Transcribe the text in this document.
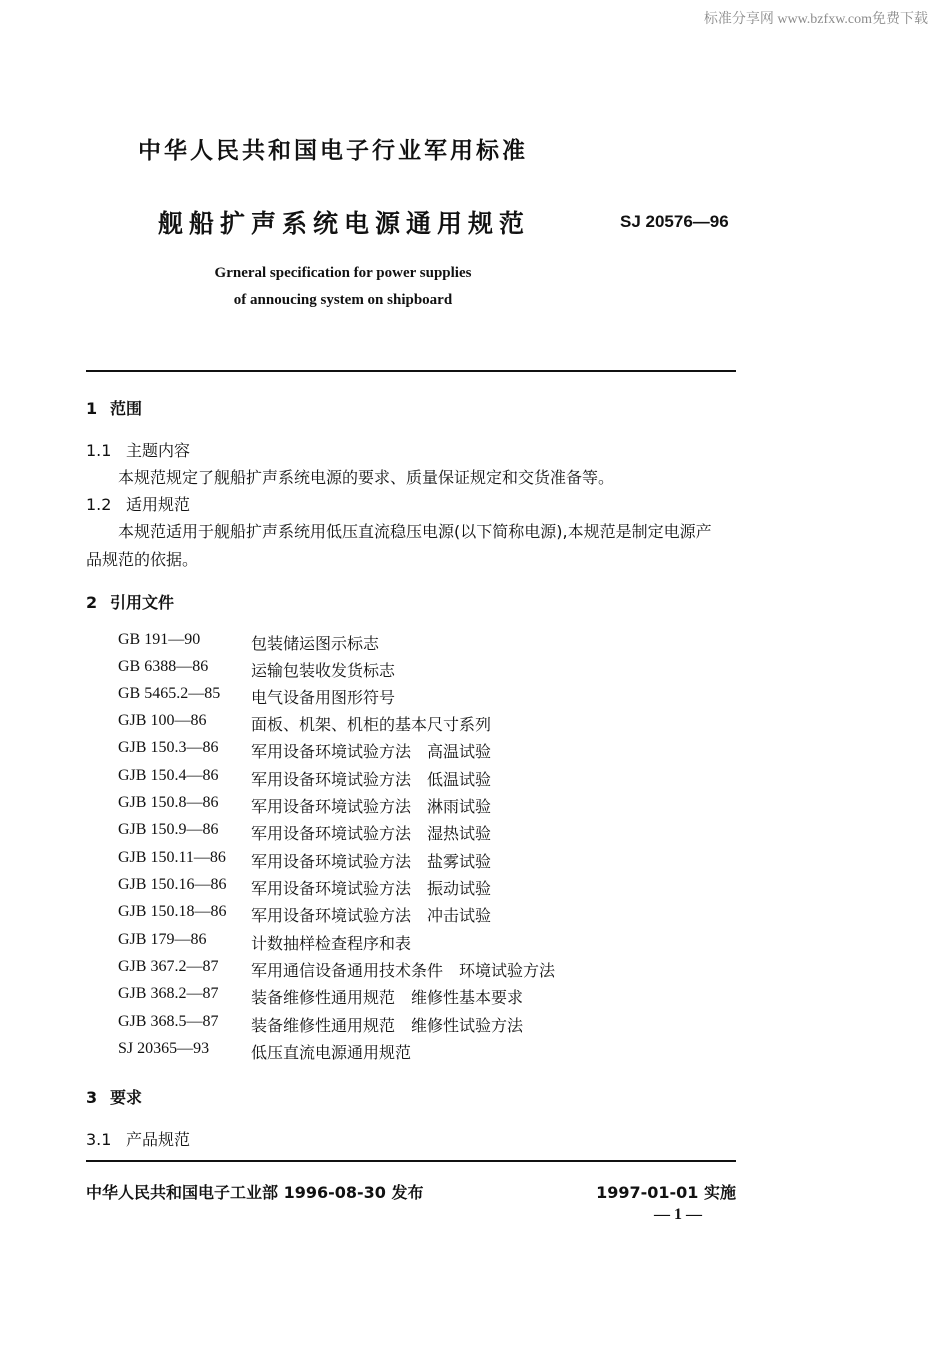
标准分享网 www.bzfxw.com免费下载
中华人民共和国电子行业军用标准
舰船扩声系统电源通用规范	SJ 20576—96
Grneral specification for power supplies
of annoucing system on shipboard
1 范围
1.1 主题内容
本规范规定了舰船扩声系统电源的要求、质量保证规定和交货准备等。
1.2 适用规范
本规范适用于舰船扩声系统用低压直流稳压电源(以下简称电源),本规范是制定电源产
品规范的依据。
2 引用文件
GB 191—90	包装储运图示标志
GB 6388—86	运输包装收发货标志
GB 5465.2—85 电气设备用图形符号
GJB 100—86	面板、机架、机柜的基本尺寸系列
GJB 150.3—86 军用设备环境试验方法　高温试验
GJB 150.4—86 军用设备环境试验方法　低温试验
GJB 150.8—86 军用设备环境试验方法　淋雨试验
GJB 150.9—86 军用设备环境试验方法　湿热试验
GJB 150.11—86 军用设备环境试验方法　盐雾试验
GJB 150.16—86 军用设备环境试验方法　振动试验
GJB 150.18—86 军用设备环境试验方法　冲击试验
GJB 179—86	计数抽样检查程序和表
GJB 367.2—87 军用通信设备通用技术条件　环境试验方法
GJB 368.2—87 装备维修性通用规范　维修性基本要求
GJB 368.5—87 装备维修性通用规范　维修性试验方法
SJ 20365—93	低压直流电源通用规范
3 要求
3.1 产品规范
中华人民共和国电子工业部 1996-08-30 发布	1997-01-01 实施
— 1 —
